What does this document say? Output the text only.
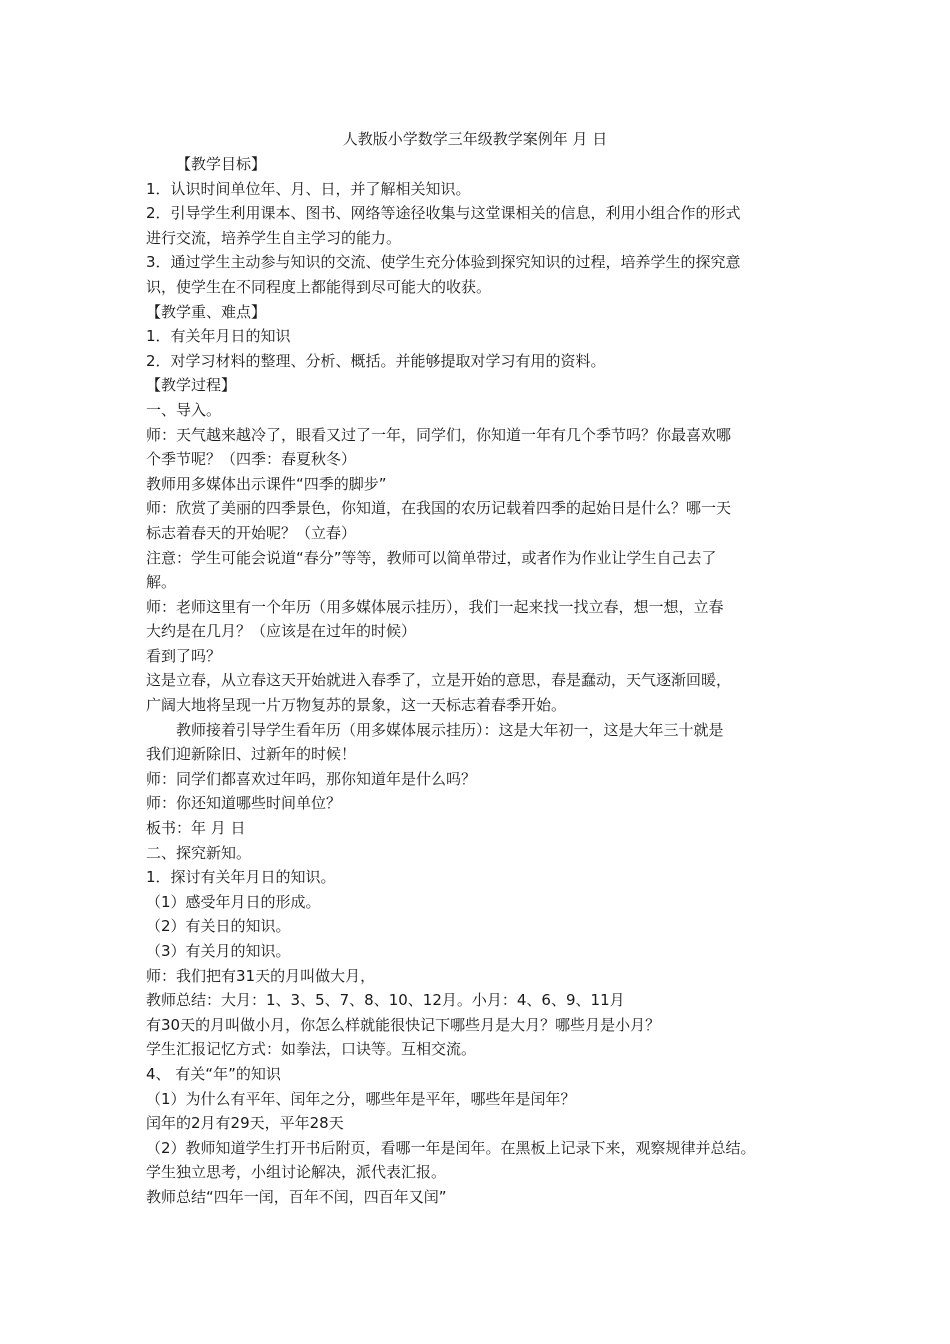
人教版小学数学三年级教学案例年 月 日
【教学目标】
1．认识时间单位年、月、日，并了解相关知识。
2．引导学生利用课本、图书、网络等途径收集与这堂课相关的信息，利用小组合作的形式
进行交流，培养学生自主学习的能力。
3．通过学生主动参与知识的交流、使学生充分体验到探究知识的过程，培养学生的探究意
识，使学生在不同程度上都能得到尽可能大的收获。
【教学重、难点】
1．有关年月日的知识
2．对学习材料的整理、分析、概括。并能够提取对学习有用的资料。
【教学过程】
一、导入。
师：天气越来越冷了，眼看又过了一年，同学们，你知道一年有几个季节吗？你最喜欢哪
个季节呢？（四季：春夏秋冬）
教师用多媒体出示课件“四季的脚步”
师：欣赏了美丽的四季景色，你知道，在我国的农历记载着四季的起始日是什么？哪一天
标志着春天的开始呢？（立春）
注意：学生可能会说道“春分”等等，教师可以简单带过，或者作为作业让学生自己去了
解。
师：老师这里有一个年历（用多媒体展示挂历），我们一起来找一找立春，想一想，立春
大约是在几月？（应该是在过年的时候）
看到了吗？
这是立春，从立春这天开始就进入春季了，立是开始的意思，春是蠢动，天气逐渐回暖，
广阔大地将呈现一片万物复苏的景象，这一天标志着春季开始。
教师接着引导学生看年历（用多媒体展示挂历）：这是大年初一，这是大年三十就是
我们迎新除旧、过新年的时候！
师：同学们都喜欢过年吗，那你知道年是什么吗？
师：你还知道哪些时间单位？
板书：年 月 日
二、探究新知。
1．探讨有关年月日的知识。
（1）感受年月日的形成。
（2）有关日的知识。
（3）有关月的知识。
师：我们把有31天的月叫做大月，
教师总结：大月：1、3、5、7、8、10、12月。小月：4、6、9、11月
有30天的月叫做小月，你怎么样就能很快记下哪些月是大月？哪些月是小月？
学生汇报记忆方式：如拳法，口诀等。互相交流。
4、 有关“年”的知识
（1）为什么有平年、闰年之分，哪些年是平年，哪些年是闰年？
闰年的2月有29天，平年28天
（2）教师知道学生打开书后附页，看哪一年是闰年。在黑板上记录下来，观察规律并总结。
学生独立思考，小组讨论解决，派代表汇报。
教师总结“四年一闰，百年不闰，四百年又闰”
